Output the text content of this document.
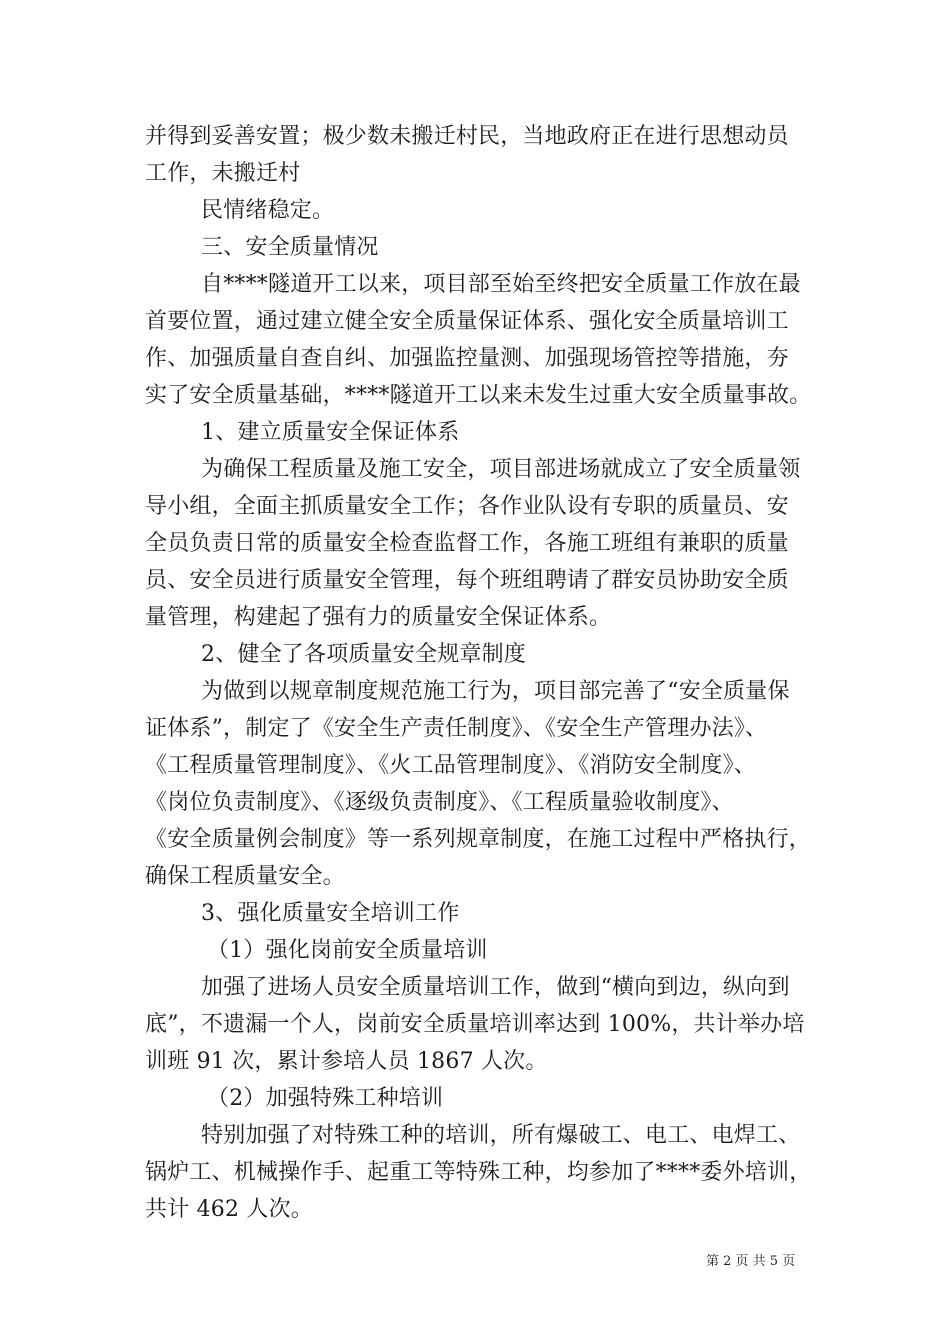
并得到妥善安置；极少数未搬迁村民，当地政府正在进行思想动员
工作，未搬迁村
民情绪稳定。
三、安全质量情况
自****隧道开工以来，项目部至始至终把安全质量工作放在最
首要位置，通过建立健全安全质量保证体系、强化安全质量培训工
作、加强质量自查自纠、加强监控量测、加强现场管控等措施，夯
实了安全质量基础，****隧道开工以来未发生过重大安全质量事故。
1、建立质量安全保证体系
为确保工程质量及施工安全，项目部进场就成立了安全质量领
导小组，全面主抓质量安全工作；各作业队设有专职的质量员、安
全员负责日常的质量安全检查监督工作，各施工班组有兼职的质量
员、安全员进行质量安全管理，每个班组聘请了群安员协助安全质
量管理，构建起了强有力的质量安全保证体系。
2、健全了各项质量安全规章制度
为做到以规章制度规范施工行为，项目部完善了“安全质量保
证体系”，制定了《安全生产责任制度》、《安全生产管理办法》、
《工程质量管理制度》、《火工品管理制度》、《消防安全制度》、
《岗位负责制度》、《逐级负责制度》、《工程质量验收制度》、
《安全质量例会制度》等一系列规章制度，在施工过程中严格执行，
确保工程质量安全。
3、强化质量安全培训工作
（1）强化岗前安全质量培训
加强了进场人员安全质量培训工作，做到“横向到边，纵向到
底”，不遗漏一个人，岗前安全质量培训率达到 100%，共计举办培
训班 91 次，累计参培人员 1867 人次。
（2）加强特殊工种培训
特别加强了对特殊工种的培训，所有爆破工、电工、电焊工、
锅炉工、机械操作手、起重工等特殊工种，均参加了****委外培训，
共计 462 人次。
第 2 页 共 5 页
